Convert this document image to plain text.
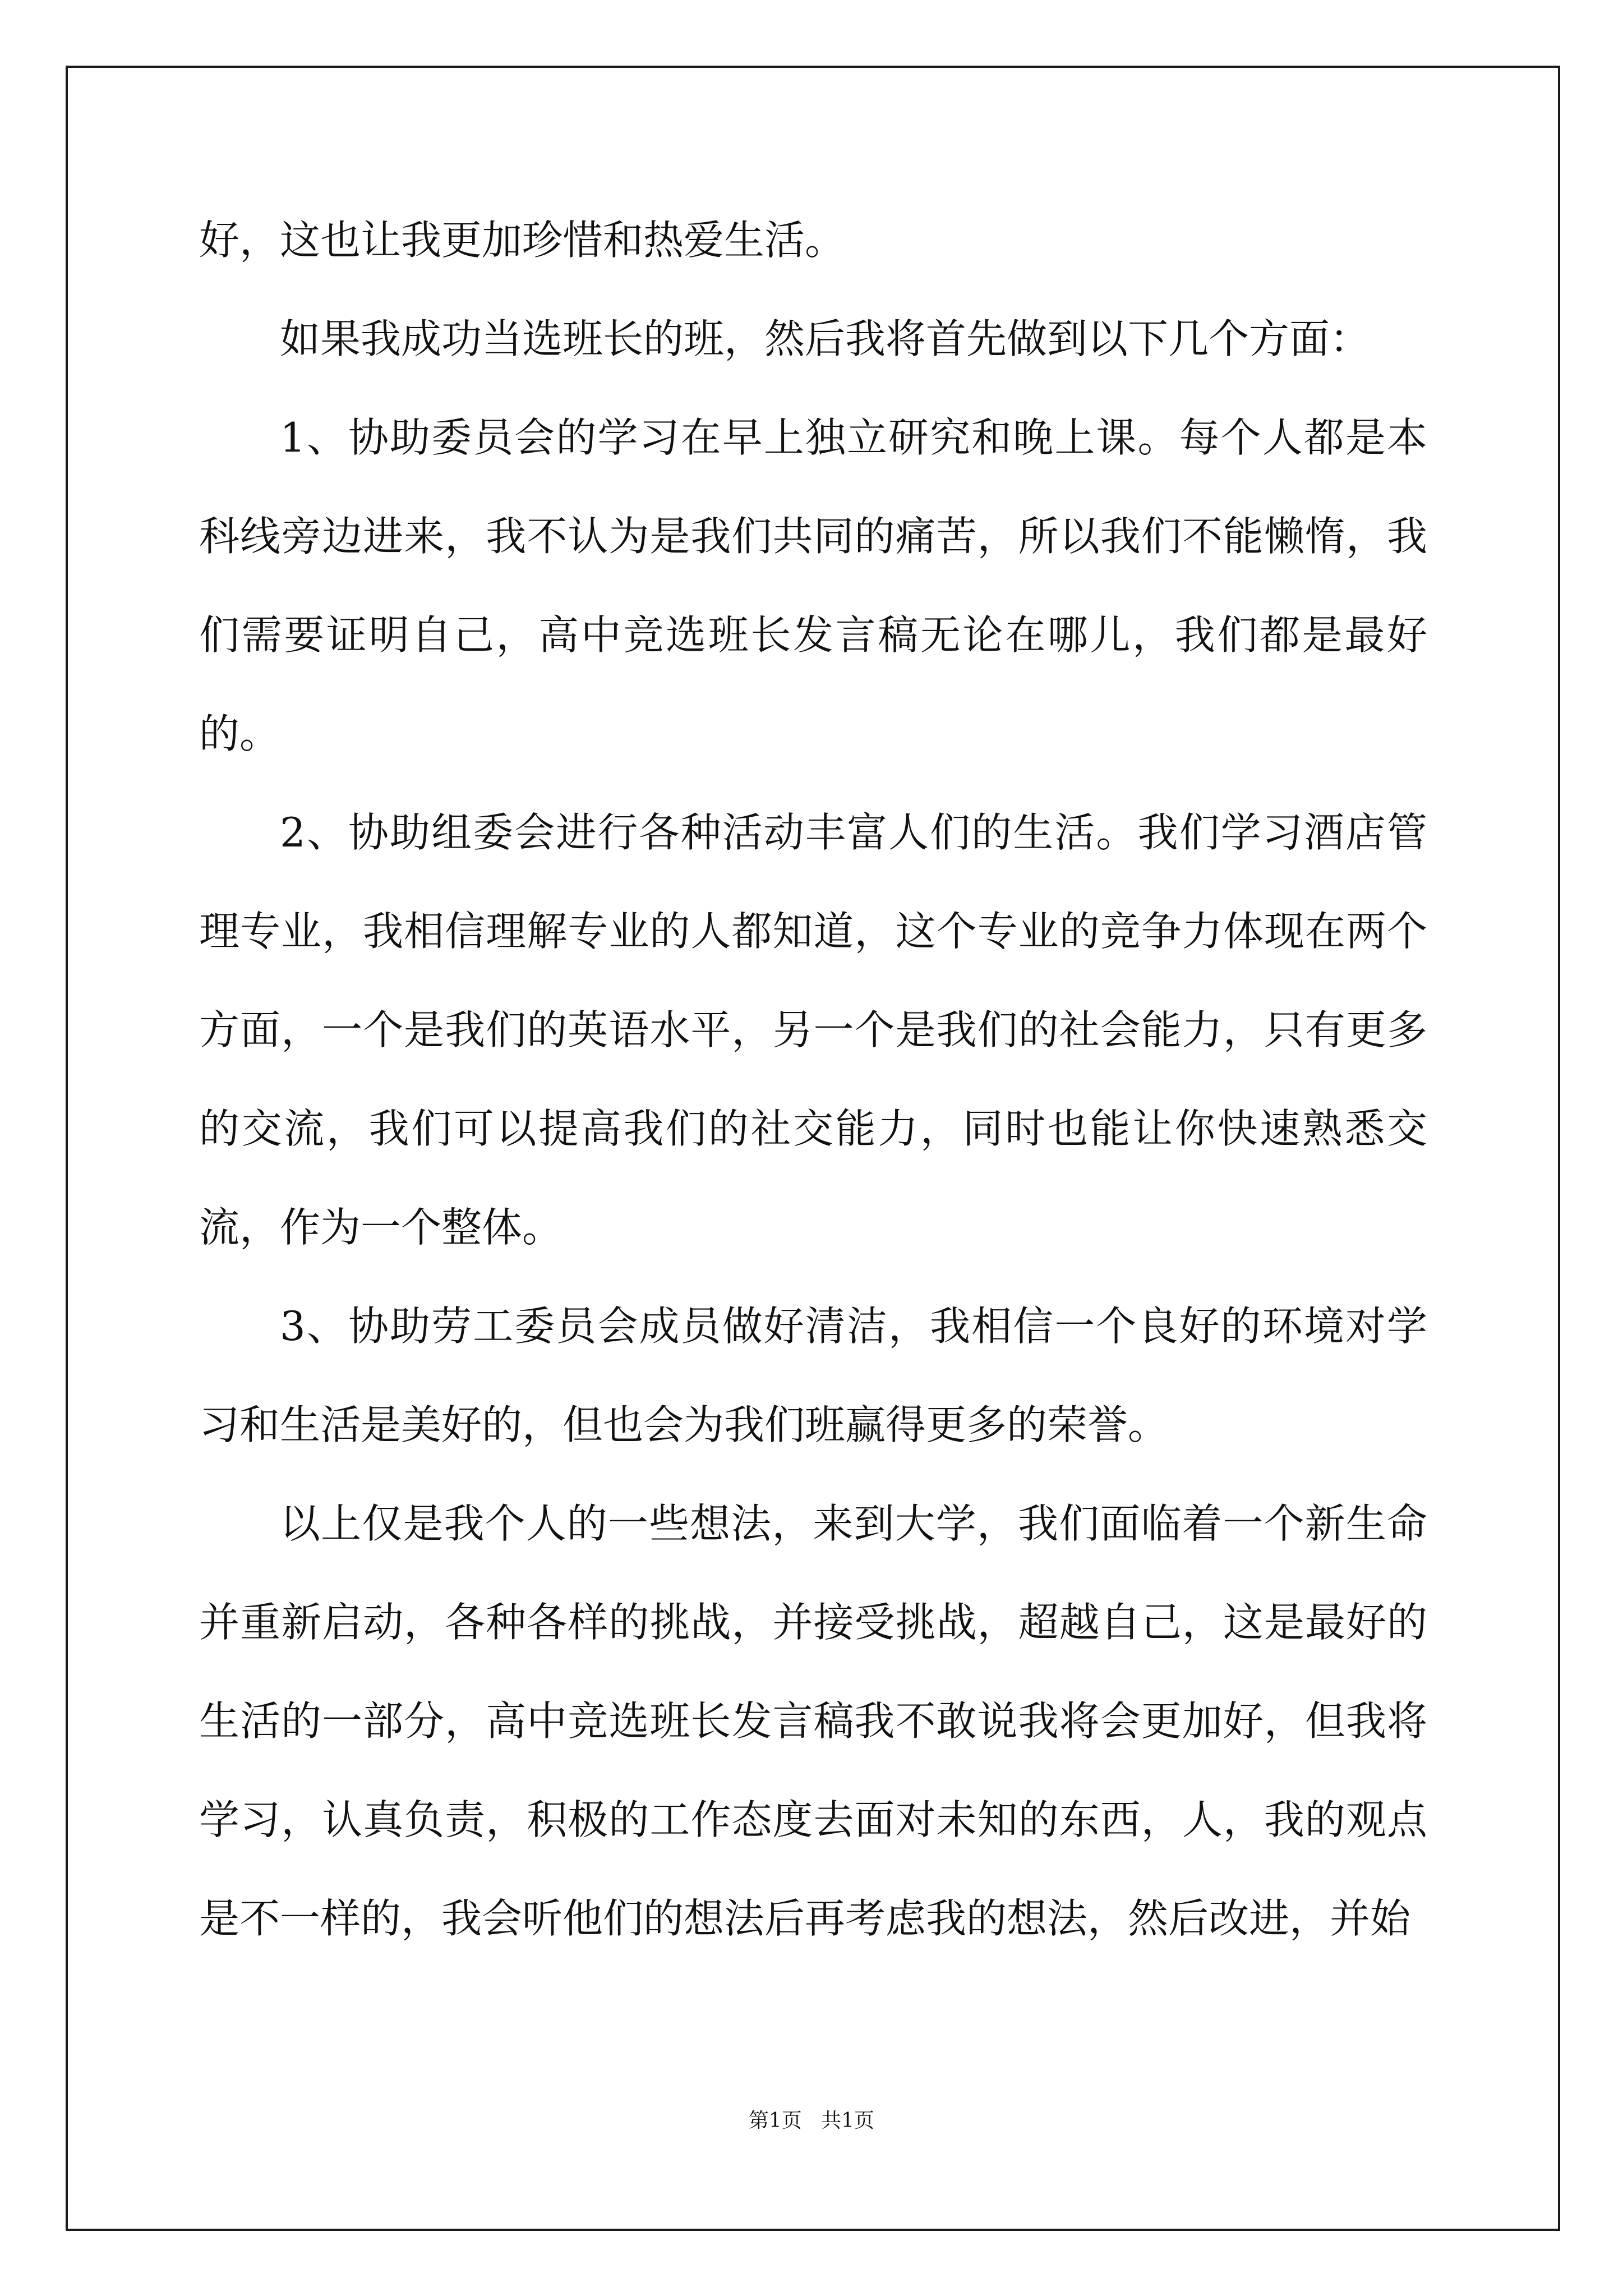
好，这也让我更加珍惜和热爱生活。

如果我成功当选班长的班，然后我将首先做到以下几个方面：

1、协助委员会的学习在早上独立研究和晚上课。每个人都是本科线旁边进来，我不认为是我们共同的痛苦，所以我们不能懒惰，我们需要证明自己，高中竞选班长发言稿无论在哪儿，我们都是最好的。

2、协助组委会进行各种活动丰富人们的生活。我们学习酒店管理专业，我相信理解专业的人都知道，这个专业的竞争力体现在两个方面，一个是我们的英语水平，另一个是我们的社会能力，只有更多的交流，我们可以提高我们的社交能力，同时也能让你快速熟悉交流，作为一个整体。

3、协助劳工委员会成员做好清洁，我相信一个良好的环境对学习和生活是美好的，但也会为我们班赢得更多的荣誉。

以上仅是我个人的一些想法，来到大学，我们面临着一个新生命并重新启动，各种各样的挑战，并接受挑战，超越自己，这是最好的生活的一部分，高中竞选班长发言稿我不敢说我将会更加好，但我将学习，认真负责，积极的工作态度去面对未知的东西，人，我的观点是不一样的，我会听他们的想法后再考虑我的想法，然后改进，并始

第1页   共1页
